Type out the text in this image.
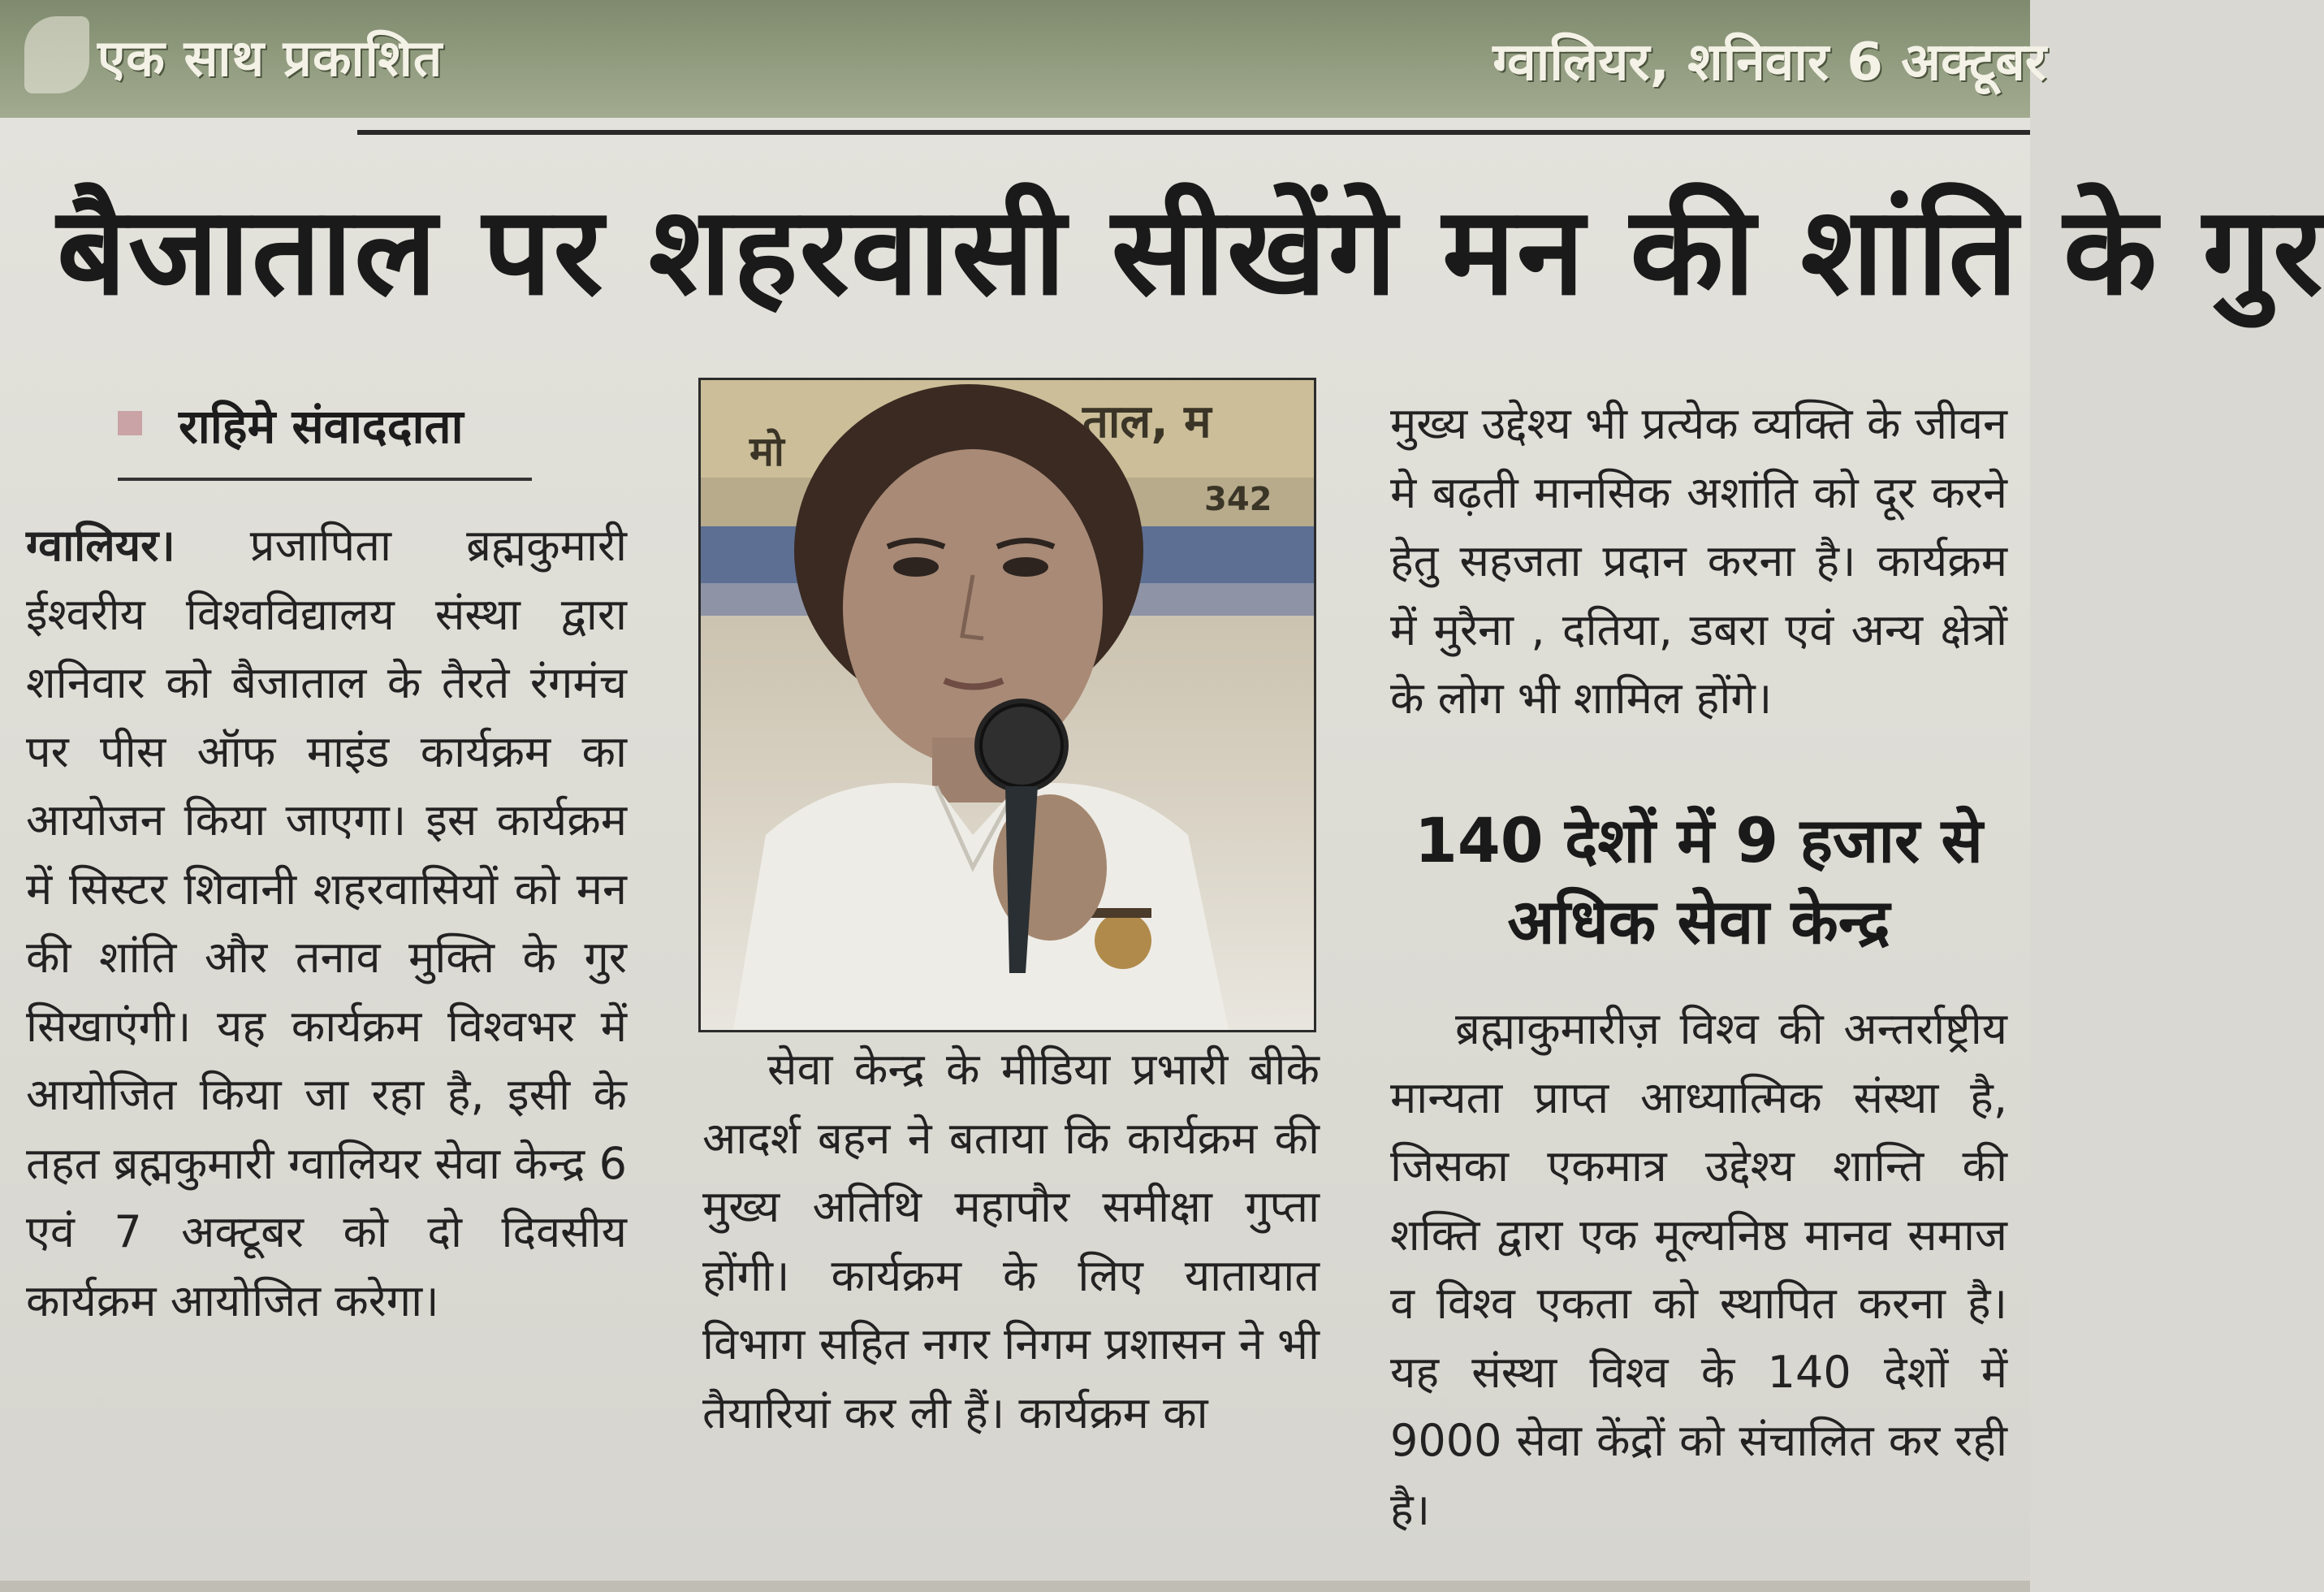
एक साथ प्रकाशित	ग्वालियर, शनिवार 6 अक्टूबर
बैजाताल पर शहरवासी सीखेंगे मन की शांति के गुर
राहिमे संवाददाता

ग्वालियर। प्रजापिता ब्रह्मकुमारी ईश्वरीय विश्वविद्यालय संस्था द्वारा शनिवार को बैजाताल के तैरते रंगमंच पर पीस ऑफ माइंड कार्यक्रम का आयोजन किया जाएगा। इस कार्यक्रम में सिस्टर शिवानी शहरवासियों को मन की शांति और तनाव मुक्ति के गुर सिखाएंगी। यह कार्यक्रम विश्वभर में आयोजित किया जा रहा है, इसी के तहत ब्रह्मकुमारी ग्वालियर सेवा केन्द्र 6 एवं 7 अक्टूबर को दो दिवसीय कार्यक्रम आयोजित करेगा।

ताल, म
मो
342

सेवा केन्द्र के मीडिया प्रभारी बीके आदर्श बहन ने बताया कि कार्यक्रम की मुख्य अतिथि महापौर समीक्षा गुप्ता होंगी। कार्यक्रम के लिए यातायात विभाग सहित नगर निगम प्रशासन ने भी तैयारियां कर ली हैं। कार्यक्रम का

मुख्य उद्देश्य भी प्रत्येक व्यक्ति के जीवन मे बढ़ती मानसिक अशांति को दूर करने हेतु सहजता प्रदान करना है। कार्यक्रम में मुरैना , दतिया, डबरा एवं अन्य क्षेत्रों के लोग भी शामिल होंगे।

140 देशों में 9 हजार से अधिक सेवा केन्द्र

ब्रह्माकुमारीज़ विश्व की अन्तर्राष्ट्रीय मान्यता प्राप्त आध्यात्मिक संस्था है, जिसका एकमात्र उद्देश्य शान्ति की शक्ति द्वारा एक मूल्यनिष्ठ मानव समाज व विश्व एकता को स्थापित करना है। यह संस्था विश्व के 140 देशों में 9000 सेवा केंद्रों को संचालित कर रही है।
